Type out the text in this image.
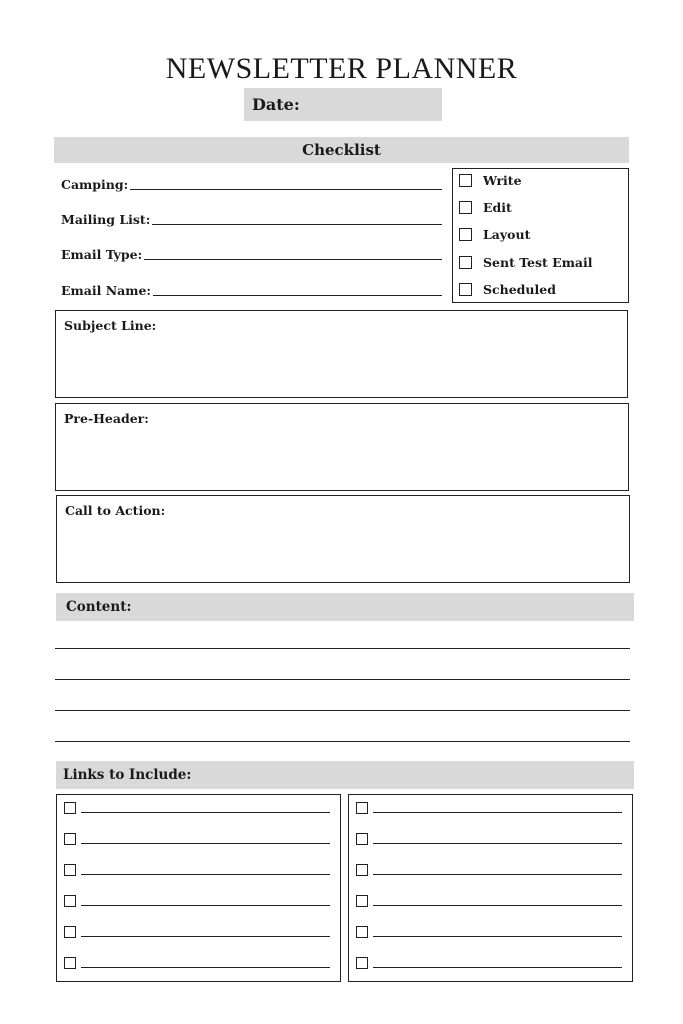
NEWSLETTER PLANNER
Date:
Checklist
Camping:
Mailing List:
Email Type:
Email Name:
Write
Edit
Layout
Sent Test Email
Scheduled
Subject Line:
Pre-Header:
Call to Action:
Content:
Links to Include:
